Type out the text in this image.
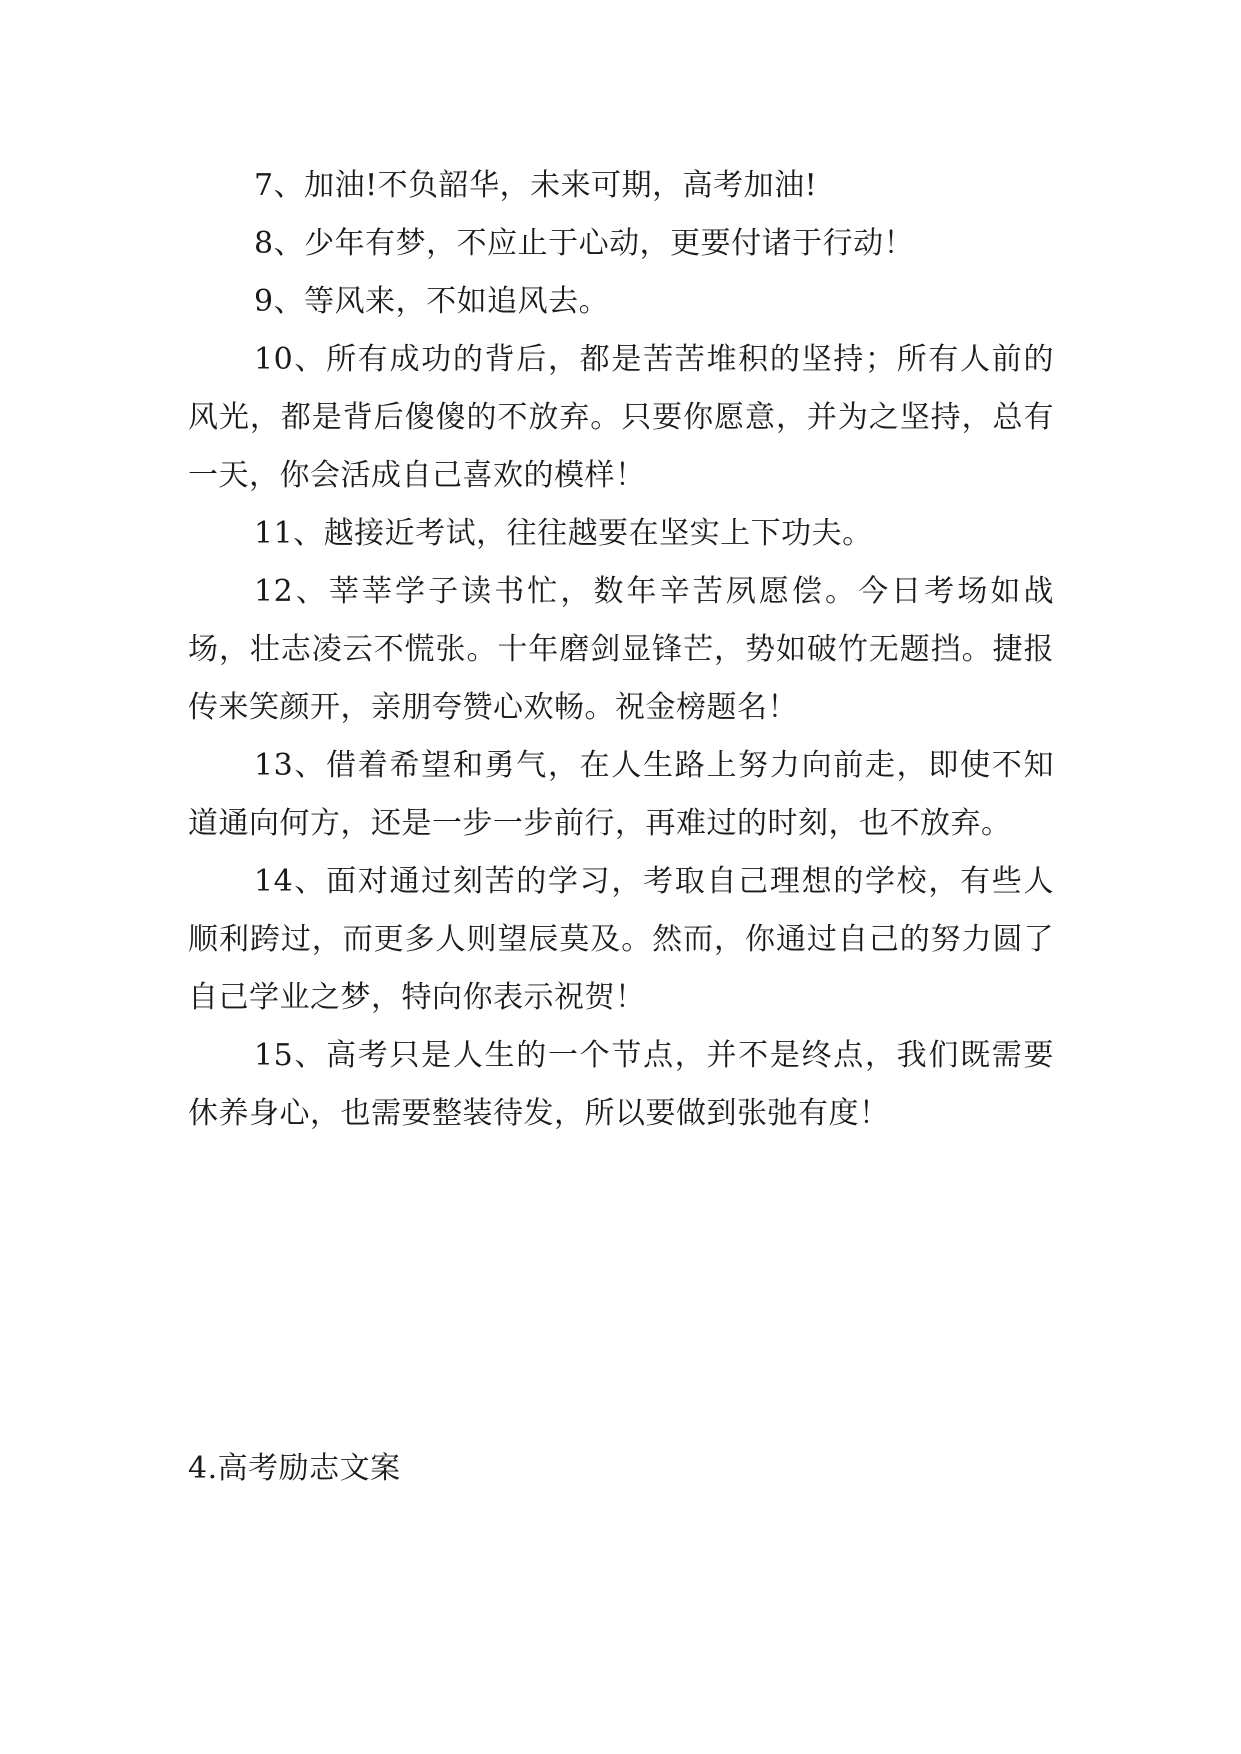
7、加油!不负韶华，未来可期，高考加油!

8、少年有梦，不应止于心动，更要付诸于行动！

9、等风来，不如追风去。

10、所有成功的背后，都是苦苦堆积的坚持；所有人前的风光，都是背后傻傻的不放弃。只要你愿意，并为之坚持，总有一天，你会活成自己喜欢的模样！

11、越接近考试，往往越要在坚实上下功夫。

12、莘莘学子读书忙，数年辛苦夙愿偿。今日考场如战场，壮志凌云不慌张。十年磨剑显锋芒，势如破竹无题挡。捷报传来笑颜开，亲朋夸赞心欢畅。祝金榜题名！

13、借着希望和勇气，在人生路上努力向前走，即使不知道通向何方，还是一步一步前行，再难过的时刻，也不放弃。

14、面对通过刻苦的学习，考取自己理想的学校，有些人顺利跨过，而更多人则望辰莫及。然而，你通过自己的努力圆了自己学业之梦，特向你表示祝贺！

15、高考只是人生的一个节点，并不是终点，我们既需要休养身心，也需要整装待发，所以要做到张弛有度！

4.高考励志文案
